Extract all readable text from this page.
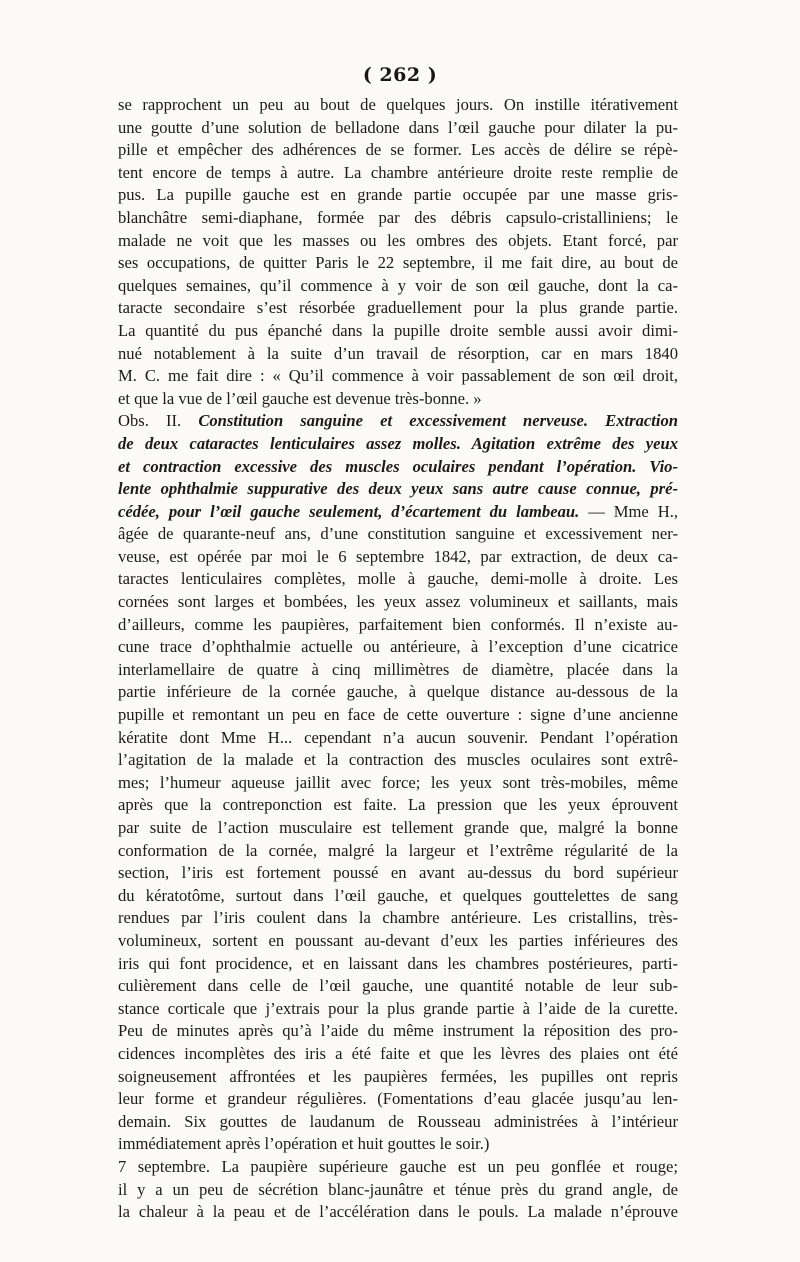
( 262 )
se rapprochent un peu au bout de quelques jours. On instille itérativement
une goutte d’une solution de belladone dans l’œil gauche pour dilater la pu-
pille et empêcher des adhérences de se former. Les accès de délire se répè-
tent encore de temps à autre. La chambre antérieure droite reste remplie de
pus. La pupille gauche est en grande partie occupée par une masse gris-
blanchâtre semi-diaphane, formée par des débris capsulo-cristalliniens; le
malade ne voit que les masses ou les ombres des objets. Etant forcé, par
ses occupations, de quitter Paris le 22 septembre, il me fait dire, au bout de
quelques semaines, qu’il commence à y voir de son œil gauche, dont la ca-
taracte secondaire s’est résorbée graduellement pour la plus grande partie.
La quantité du pus épanché dans la pupille droite semble aussi avoir dimi-
nué notablement à la suite d’un travail de résorption, car en mars 1840
M. C. me fait dire : « Qu’il commence à voir passablement de son œil droit,
et que la vue de l’œil gauche est devenue très-bonne. »
Obs. II. Constitution sanguine et excessivement nerveuse. Extraction
de deux cataractes lenticulaires assez molles. Agitation extrême des yeux
et contraction excessive des muscles oculaires pendant l’opération. Vio-
lente ophthalmie suppurative des deux yeux sans autre cause connue, pré-
cédée, pour l’œil gauche seulement, d’écartement du lambeau. — Mme H.,
âgée de quarante-neuf ans, d’une constitution sanguine et excessivement ner-
veuse, est opérée par moi le 6 septembre 1842, par extraction, de deux ca-
taractes lenticulaires complètes, molle à gauche, demi-molle à droite. Les
cornées sont larges et bombées, les yeux assez volumineux et saillants, mais
d’ailleurs, comme les paupières, parfaitement bien conformés. Il n’existe au-
cune trace d’ophthalmie actuelle ou antérieure, à l’exception d’une cicatrice
interlamellaire de quatre à cinq millimètres de diamètre, placée dans la
partie inférieure de la cornée gauche, à quelque distance au-dessous de la
pupille et remontant un peu en face de cette ouverture : signe d’une ancienne
kératite dont Mme H... cependant n’a aucun souvenir. Pendant l’opération
l’agitation de la malade et la contraction des muscles oculaires sont extrê-
mes; l’humeur aqueuse jaillit avec force; les yeux sont très-mobiles, même
après que la contreponction est faite. La pression que les yeux éprouvent
par suite de l’action musculaire est tellement grande que, malgré la bonne
conformation de la cornée, malgré la largeur et l’extrême régularité de la
section, l’iris est fortement poussé en avant au-dessus du bord supérieur
du kératotôme, surtout dans l’œil gauche, et quelques gouttelettes de sang
rendues par l’iris coulent dans la chambre antérieure. Les cristallins, très-
volumineux, sortent en poussant au-devant d’eux les parties inférieures des
iris qui font procidence, et en laissant dans les chambres postérieures, parti-
culièrement dans celle de l’œil gauche, une quantité notable de leur sub-
stance corticale que j’extrais pour la plus grande partie à l’aide de la curette.
Peu de minutes après qu’à l’aide du même instrument la réposition des pro-
cidences incomplètes des iris a été faite et que les lèvres des plaies ont été
soigneusement affrontées et les paupières fermées, les pupilles ont repris
leur forme et grandeur régulières. (Fomentations d’eau glacée jusqu’au len-
demain. Six gouttes de laudanum de Rousseau administrées à l’intérieur
immédiatement après l’opération et huit gouttes le soir.)
7 septembre. La paupière supérieure gauche est un peu gonflée et rouge;
il y a un peu de sécrétion blanc-jaunâtre et ténue près du grand angle, de
la chaleur à la peau et de l’accélération dans le pouls. La malade n’éprouve
